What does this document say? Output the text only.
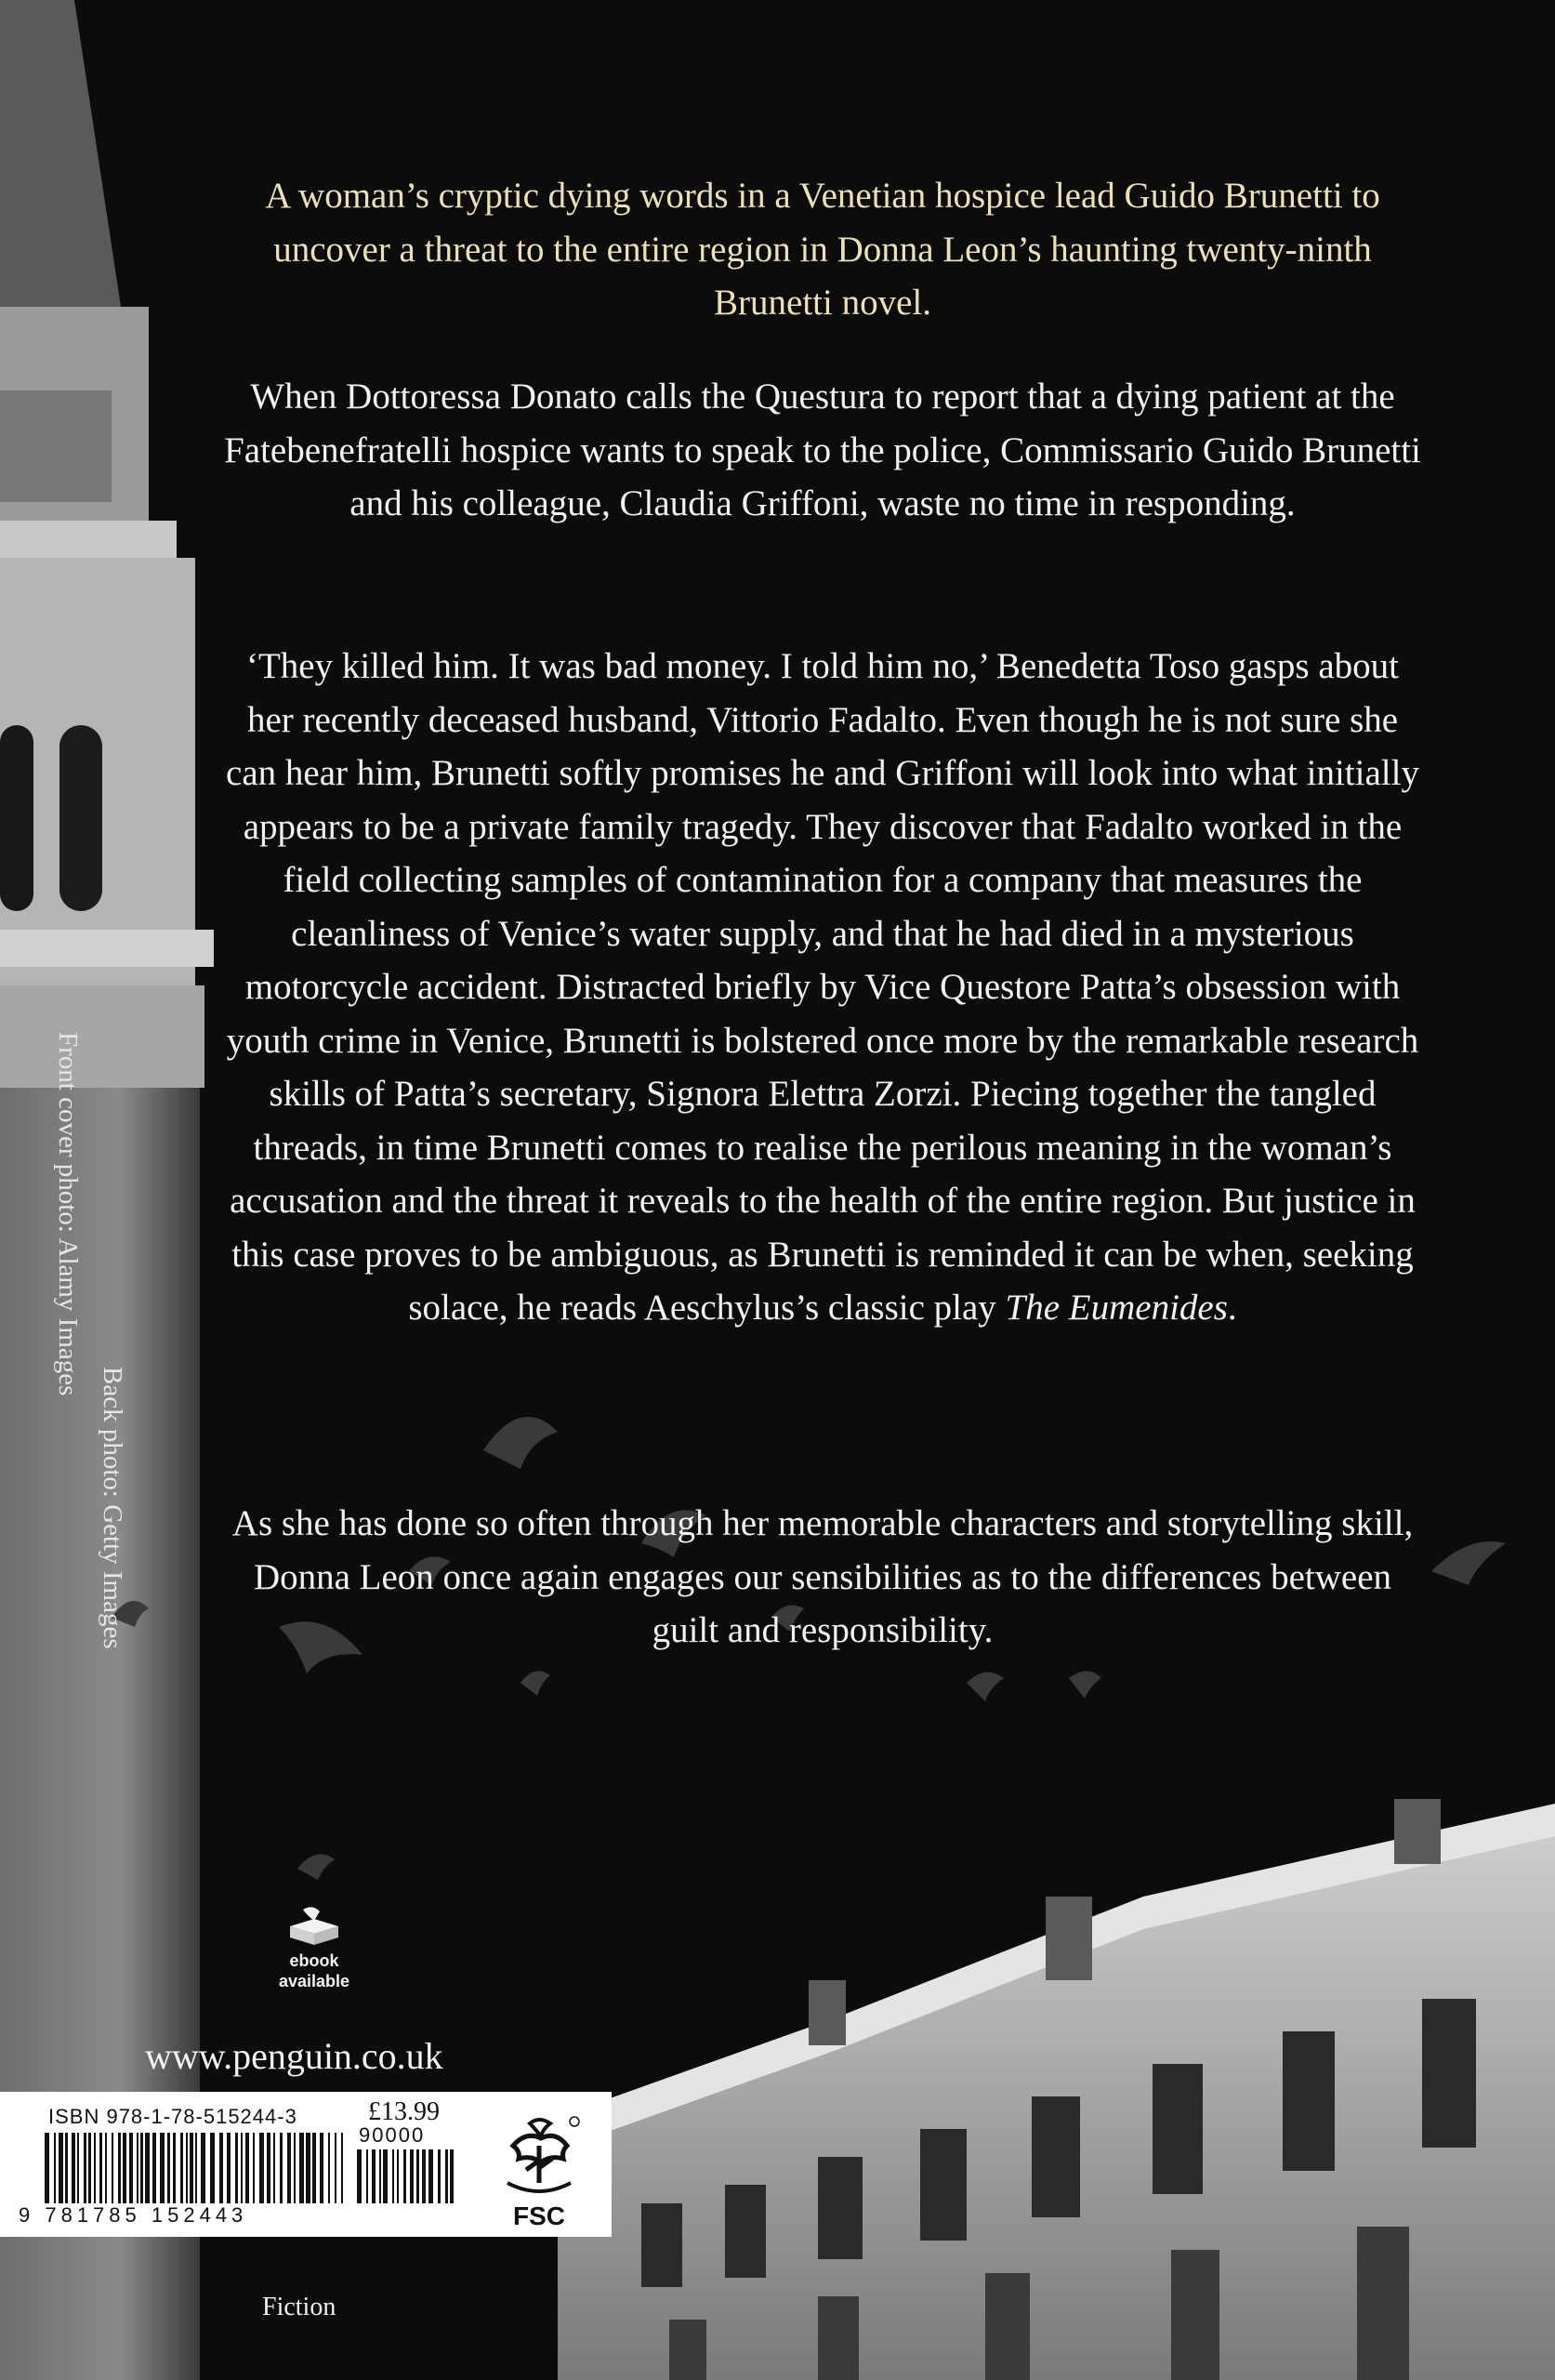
A woman’s cryptic dying words in a Venetian hospice lead Guido Brunetti to uncover a threat to the entire region in Donna Leon’s haunting twenty-ninth Brunetti novel.

When Dottoressa Donato calls the Questura to report that a dying patient at the Fatebenefratelli hospice wants to speak to the police, Commissario Guido Brunetti and his colleague, Claudia Griffoni, waste no time in responding.

‘They killed him. It was bad money. I told him no,’ Benedetta Toso gasps about her recently deceased husband, Vittorio Fadalto. Even though he is not sure she can hear him, Brunetti softly promises he and Griffoni will look into what initially appears to be a private family tragedy. They discover that Fadalto worked in the field collecting samples of contamination for a company that measures the cleanliness of Venice’s water supply, and that he had died in a mysterious motorcycle accident. Distracted briefly by Vice Questore Patta’s obsession with youth crime in Venice, Brunetti is bolstered once more by the remarkable research skills of Patta’s secretary, Signora Elettra Zorzi. Piecing together the tangled threads, in time Brunetti comes to realise the perilous meaning in the woman’s accusation and the threat it reveals to the health of the entire region. But justice in this case proves to be ambiguous, as Brunetti is reminded it can be when, seeking solace, he reads Aeschylus’s classic play The Eumenides.

As she has done so often through her memorable characters and storytelling skill, Donna Leon once again engages our sensibilities as to the differences between guilt and responsibility.

Front cover photo: Alamy Images
Back photo: Getty Images
ebook
available
www.penguin.co.uk
ISBN 978-1-78-515244-3	£13.99
90000
9 781785 152443	FSC
Fiction
